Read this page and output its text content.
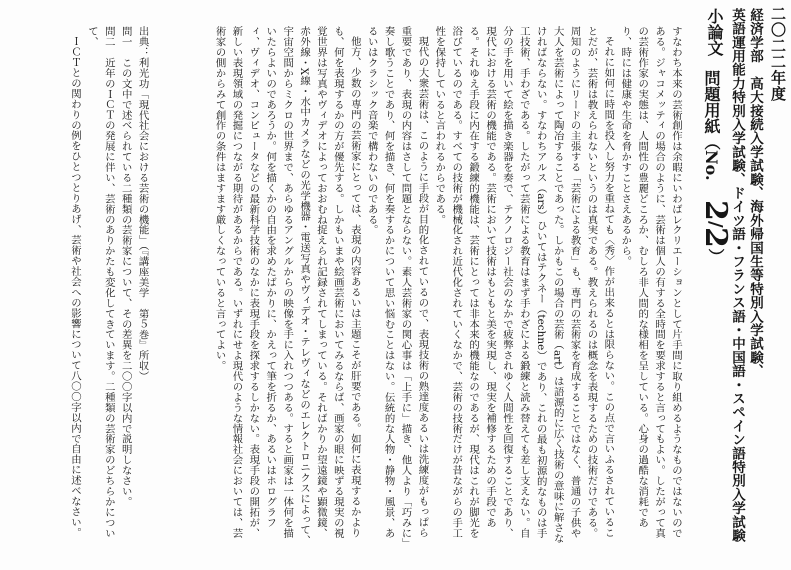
二〇二二年度
経済学部　高大接続入学試験、海外帰国生等特別入学試験、
英語運用能力特別入学試験、ドイツ語・フランス語・中国語・スペイン語特別入学試験
小論文
問題用紙（No.
2/2）

すなわち本来の芸術創作は余暇にいわばレクリエーションとして片手間に取り組めるようなものではないのである。ジャコメッティの場合のように、芸術は個人の有する全時間を要求すると言ってもよい。したがって真の芸術作家の実態は、人間性の豊麗どころか、むしろ非人間的な様相を呈している。心身の過酷な消耗であり、時には健康や生命を脅かすことさえあるから。

それに如何に時間を投入し努力を重ねても〈秀〉作が出来るとは限らない。この点で言いふるされていることだが、芸術は教えられないというのは真実である。教えられるのは概念を表現するための技術だけである。周知のようにリードの主張する「芸術による教育」も、専門の芸術家を育成することではなく、普通の子供や大人を芸術によって陶冶することであった。しかもこの場合の芸術（art）は語源的に広く技術の意味に解さなければならない。すなわちアルス（ars）ひいてはテクネー（techne）であり、これの最も初源的なものは手工技術、手わざである。したがって芸術による教育はまず手わざによる鍛練と読み替えても差し支えない。自分の手を用いて絵を描き楽器を奏で、テクノロジー社会のなかで疲弊されゆく人間性を回復することであり、現代における芸術の機能である。芸術において技術はもともと美を実現し、現実を補修するための手段である。それゆえ手段に内在する鍛練的機能は、芸術にとっては非本来的機能なのであるが、現代はこれが脚光を浴びているのである。すべての技術が機械化され近代化されていくなかで、芸術の技術だけが昔ながらの手工性を保持していると言われるからである。

現代の大衆芸術は、このように手段が目的化されているので、表現技術の熟達度あるいは洗練度がもっぱら重要であり、表現の内容はさして問題とならない。素人芸術家の関心事は「上手に」描き、他人より「巧みに」奏し歌うことであり、何を描き、何を奏するかについて思い悩むことはない。伝統的な人物・静物・風景、あるいはクラシック音楽で構わないのである。

他方、少数の専門の芸術家にとっては、表現の内容あるいは主題こそが肝要である。如何に表現するかよりも、何を表現するかの方が優先する。しかもいまや絵画芸術においてみるならば、画家の眼に映ずる現実の視覚世界は写真やヴィデオによっておおむね捉えられ記録されてしまっている。そればかりか望遠鏡や顕微鏡、赤外線・X線・水中カメラなどの光学機器・電送写真やヴィデオ・テレヴィなどのエレクトロニクスによって、宇宙空間からミクロの世界まで、あらゆるアングルからの映像を手に入れつつある。すると画家は一体何を描いたらよいのであろうか。何を描くかの自由を求めたばかりに、かえって筆を折るか、あるいはホログラフィ、ヴィデオ、コンピュータなどの最新科学技術のなかに表現手段を探求するしかない。表現手段の開拓が、新しい表現領域の発掘につながる期待があるからである。いずれにせよ現代のような情報社会においては、芸術家の側からみて創作の条件はますます厳しくなっていると言ってよい。

出典：利光功「現代社会における芸術の機能」（『講座美学　第５巻』所収）

問一　この文中で述べられている二種類の芸術家について、その差異を二〇〇字以内で説明しなさい。

問二　近年のＩＣＴの発展に伴い、芸術のありかたも変化してきています。二種類の芸術家のどちらかについて、

ＩＣＴとの関わりの例をひとつとりあげ、芸術や社会への影響について八〇〇字以内で自由に述べなさい。
